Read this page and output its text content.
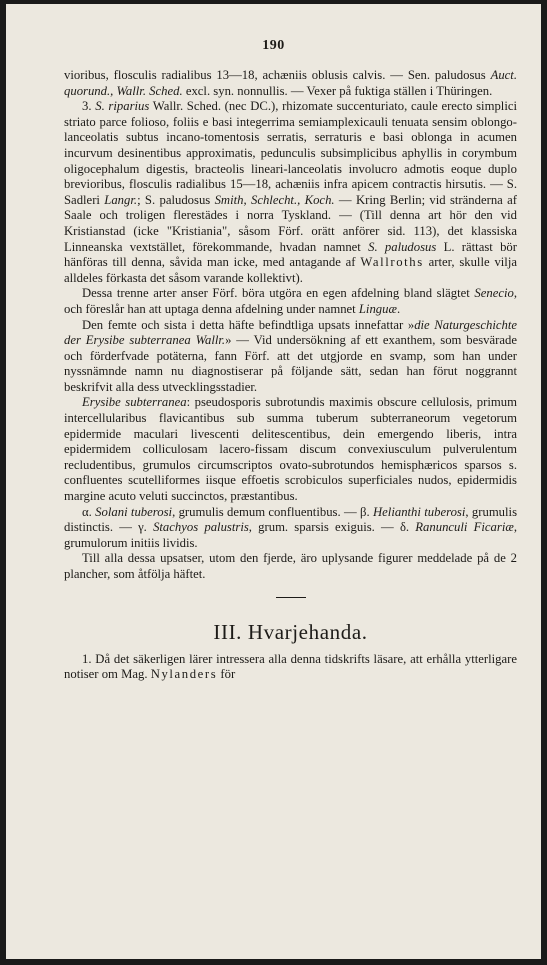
190

vioribus, flosculis radialibus 13—18, achæniis oblusis calvis. — Sen. paludosus Auct. quorund., Wallr. Sched. excl. syn. nonnullis. — Vexer på fuktiga ställen i Thüringen.

3. S. riparius Wallr. Sched. (nec DC.), rhizomate succenturiato, caule erecto simplici striato parce folioso, foliis e basi integerrima semiamplexicauli tenuata sensim oblongo-lanceolatis subtus incano-tomentosis serratis, serraturis e basi oblonga in acumen incurvum desinentibus approximatis, pedunculis subsimplicibus aphyllis in corymbum oligocephalum digestis, bracteolis lineari-lanceolatis involucro admotis eoque duplo brevioribus, flosculis radialibus 15—18, achæniis infra apicem contractis hirsutis. — S. Sadleri Langr.; S. paludosus Smith, Schlecht., Koch. — Kring Berlin; vid stränderna af Saale och troligen flerestädes i norra Tyskland. — (Till denna art hör den vid Kristianstad (icke "Kristiania", såsom Förf. orätt anförer sid. 113), det klassiska Linneanska vextstället, förekommande, hvadan namnet S. paludosus L. rättast bör hänföras till denna, såvida man icke, med antagande af Wallroths arter, skulle vilja alldeles förkasta det såsom varande kollektivt).

Dessa trenne arter anser Förf. böra utgöra en egen afdelning bland slägtet Senecio, och föreslår han att uptaga denna afdelning under namnet Linguæ.

Den femte och sista i detta häfte befindtliga upsats innefattar »die Naturgeschichte der Erysibe subterranea Wallr.» — Vid undersökning af ett exanthem, som besvärade och förderfvade potäterna, fann Förf. att det utgjorde en svamp, som han under nyssnämnde namn nu diagnostiserar på följande sätt, sedan han förut noggrannt beskrifvit alla dess utvecklingsstadier.

Erysibe subterranea: pseudosporis subrotundis maximis obscure cellulosis, primum intercellularibus flavicantibus sub summa tuberum subterraneorum vegetorum epidermide maculari livescenti delitescentibus, dein emergendo liberis, intra epidermidem colliculosam lacero-fissam discum convexiusculum pulverulentum recludentibus, grumulos circumscriptos ovato-subrotundos hemisphæricos sparsos s. confluentes scutelliformes iisque effoetis scrobiculos superficiales nudos, epidermidis margine acuto veluti succinctos, præstantibus.

α. Solani tuberosi, grumulis demum confluentibus. — β. Helianthi tuberosi, grumulis distinctis. — γ. Stachyos palustris, grum. sparsis exiguis. — δ. Ranunculi Ficariæ, grumulorum initiis lividis.

Till alla dessa upsatser, utom den fjerde, äro uplysande figurer meddelade på de 2 plancher, som åtfölja häftet.

III. Hvarjehanda.

1. Då det säkerligen lärer intressera alla denna tidskrifts läsare, att erhålla ytterligare notiser om Mag. Nylanders för
